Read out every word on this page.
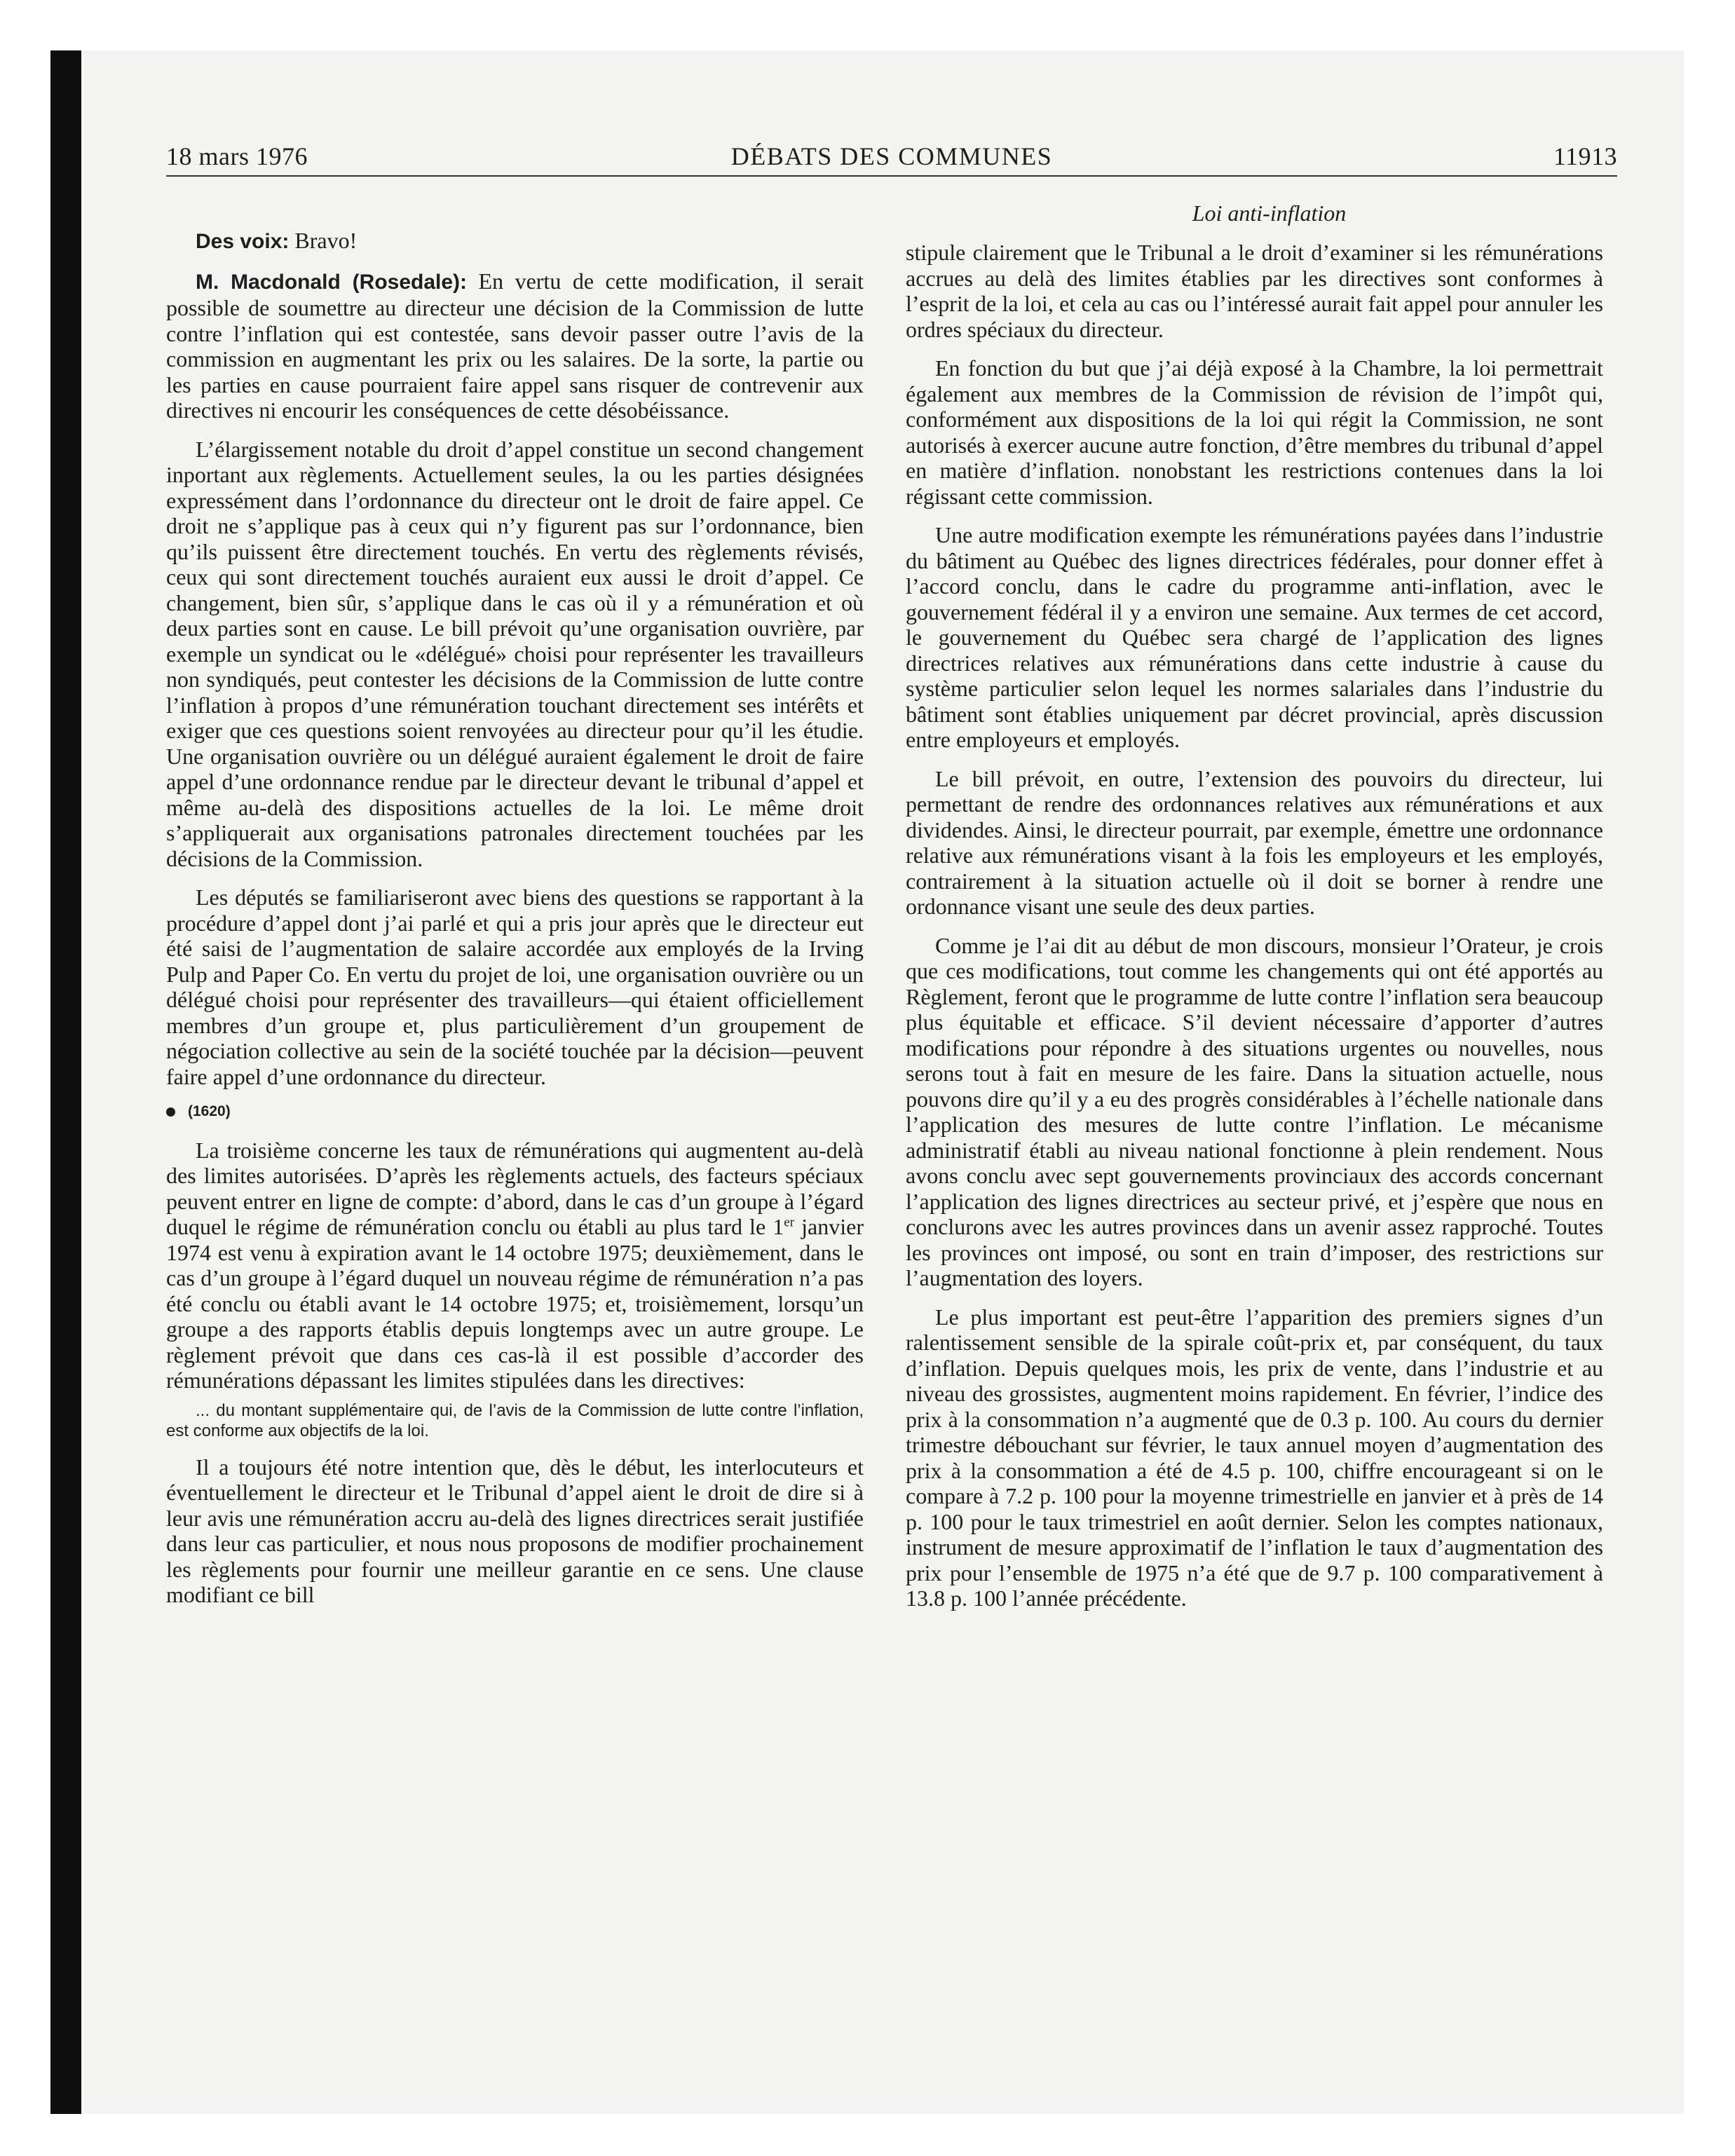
18 mars 1976	DÉBATS DES COMMUNES	11913

Des voix: Bravo!

M. Macdonald (Rosedale): En vertu de cette modification, il serait possible de soumettre au directeur une décision de la Commission de lutte contre l’inflation qui est contestée, sans devoir passer outre l’avis de la commission en augmentant les prix ou les salaires. De la sorte, la partie ou les parties en cause pourraient faire appel sans risquer de contrevenir aux directives ni encourir les conséquences de cette désobéissance.

L’élargissement notable du droit d’appel constitue un second changement inportant aux règlements. Actuellement seules, la ou les parties désignées expressément dans l’ordonnance du directeur ont le droit de faire appel. Ce droit ne s’applique pas à ceux qui n’y figurent pas sur l’ordonnance, bien qu’ils puissent être directement touchés. En vertu des règlements révisés, ceux qui sont directement touchés auraient eux aussi le droit d’appel. Ce changement, bien sûr, s’applique dans le cas où il y a rémunération et où deux parties sont en cause. Le bill prévoit qu’une organisation ouvrière, par exemple un syndicat ou le «délégué» choisi pour représenter les travailleurs non syndiqués, peut contester les décisions de la Commission de lutte contre l’inflation à propos d’une rémunération touchant directement ses intérêts et exiger que ces questions soient renvoyées au directeur pour qu’il les étudie. Une organisation ouvrière ou un délégué auraient également le droit de faire appel d’une ordonnance rendue par le directeur devant le tribunal d’appel et même au-delà des dispositions actuelles de la loi. Le même droit s’appliquerait aux organisations patronales directement touchées par les décisions de la Commission.

Les députés se familiariseront avec biens des questions se rapportant à la procédure d’appel dont j’ai parlé et qui a pris jour après que le directeur eut été saisi de l’augmentation de salaire accordée aux employés de la Irving Pulp and Paper Co. En vertu du projet de loi, une organisation ouvrière ou un délégué choisi pour représenter des travailleurs—qui étaient officiellement membres d’un groupe et, plus particulièrement d’un groupement de négociation collective au sein de la société touchée par la décision—peuvent faire appel d’une ordonnance du directeur.

(1620)

La troisième concerne les taux de rémunérations qui augmentent au-delà des limites autorisées. D’après les règlements actuels, des facteurs spéciaux peuvent entrer en ligne de compte: d’abord, dans le cas d’un groupe à l’égard duquel le régime de rémunération conclu ou établi au plus tard le 1er janvier 1974 est venu à expiration avant le 14 octobre 1975; deuxièmement, dans le cas d’un groupe à l’égard duquel un nouveau régime de rémunération n’a pas été conclu ou établi avant le 14 octobre 1975; et, troisièmement, lorsqu’un groupe a des rapports établis depuis longtemps avec un autre groupe. Le règlement prévoit que dans ces cas-là il est possible d’accorder des rémunérations dépassant les limites stipulées dans les directives:

... du montant supplémentaire qui, de l’avis de la Commission de lutte contre l’inflation, est conforme aux objectifs de la loi.

Il a toujours été notre intention que, dès le début, les interlocuteurs et éventuellement le directeur et le Tribunal d’appel aient le droit de dire si à leur avis une rémunération accru au-delà des lignes directrices serait justifiée dans leur cas particulier, et nous nous proposons de modifier prochainement les règlements pour fournir une meilleur garantie en ce sens. Une clause modifiant ce bill

Loi anti-inflation

stipule clairement que le Tribunal a le droit d’examiner si les rémunérations accrues au delà des limites établies par les directives sont conformes à l’esprit de la loi, et cela au cas ou l’intéressé aurait fait appel pour annuler les ordres spéciaux du directeur.

En fonction du but que j’ai déjà exposé à la Chambre, la loi permettrait également aux membres de la Commission de révision de l’impôt qui, conformément aux dispositions de la loi qui régit la Commission, ne sont autorisés à exercer aucune autre fonction, d’être membres du tribunal d’appel en matière d’inflation. nonobstant les restrictions contenues dans la loi régissant cette commission.

Une autre modification exempte les rémunérations payées dans l’industrie du bâtiment au Québec des lignes directrices fédérales, pour donner effet à l’accord conclu, dans le cadre du programme anti-inflation, avec le gouvernement fédéral il y a environ une semaine. Aux termes de cet accord, le gouvernement du Québec sera chargé de l’application des lignes directrices relatives aux rémunérations dans cette industrie à cause du système particulier selon lequel les normes salariales dans l’industrie du bâtiment sont établies uniquement par décret provincial, après discussion entre employeurs et employés.

Le bill prévoit, en outre, l’extension des pouvoirs du directeur, lui permettant de rendre des ordonnances relatives aux rémunérations et aux dividendes. Ainsi, le directeur pourrait, par exemple, émettre une ordonnance relative aux rémunérations visant à la fois les employeurs et les employés, contrairement à la situation actuelle où il doit se borner à rendre une ordonnance visant une seule des deux parties.

Comme je l’ai dit au début de mon discours, monsieur l’Orateur, je crois que ces modifications, tout comme les changements qui ont été apportés au Règlement, feront que le programme de lutte contre l’inflation sera beaucoup plus équitable et efficace. S’il devient nécessaire d’apporter d’autres modifications pour répondre à des situations urgentes ou nouvelles, nous serons tout à fait en mesure de les faire. Dans la situation actuelle, nous pouvons dire qu’il y a eu des progrès considérables à l’échelle nationale dans l’application des mesures de lutte contre l’inflation. Le mécanisme administratif établi au niveau national fonctionne à plein rendement. Nous avons conclu avec sept gouvernements provinciaux des accords concernant l’application des lignes directrices au secteur privé, et j’espère que nous en conclurons avec les autres provinces dans un avenir assez rapproché. Toutes les provinces ont imposé, ou sont en train d’imposer, des restrictions sur l’augmentation des loyers.

Le plus important est peut-être l’apparition des premiers signes d’un ralentissement sensible de la spirale coût-prix et, par conséquent, du taux d’inflation. Depuis quelques mois, les prix de vente, dans l’industrie et au niveau des grossistes, augmentent moins rapidement. En février, l’indice des prix à la consommation n’a augmenté que de 0.3 p. 100. Au cours du dernier trimestre débouchant sur février, le taux annuel moyen d’augmentation des prix à la consommation a été de 4.5 p. 100, chiffre encourageant si on le compare à 7.2 p. 100 pour la moyenne trimestrielle en janvier et à près de 14 p. 100 pour le taux trimestriel en août dernier. Selon les comptes nationaux, instrument de mesure approximatif de l’inflation le taux d’augmentation des prix pour l’ensemble de 1975 n’a été que de 9.7 p. 100 comparativement à 13.8 p. 100 l’année précédente.
